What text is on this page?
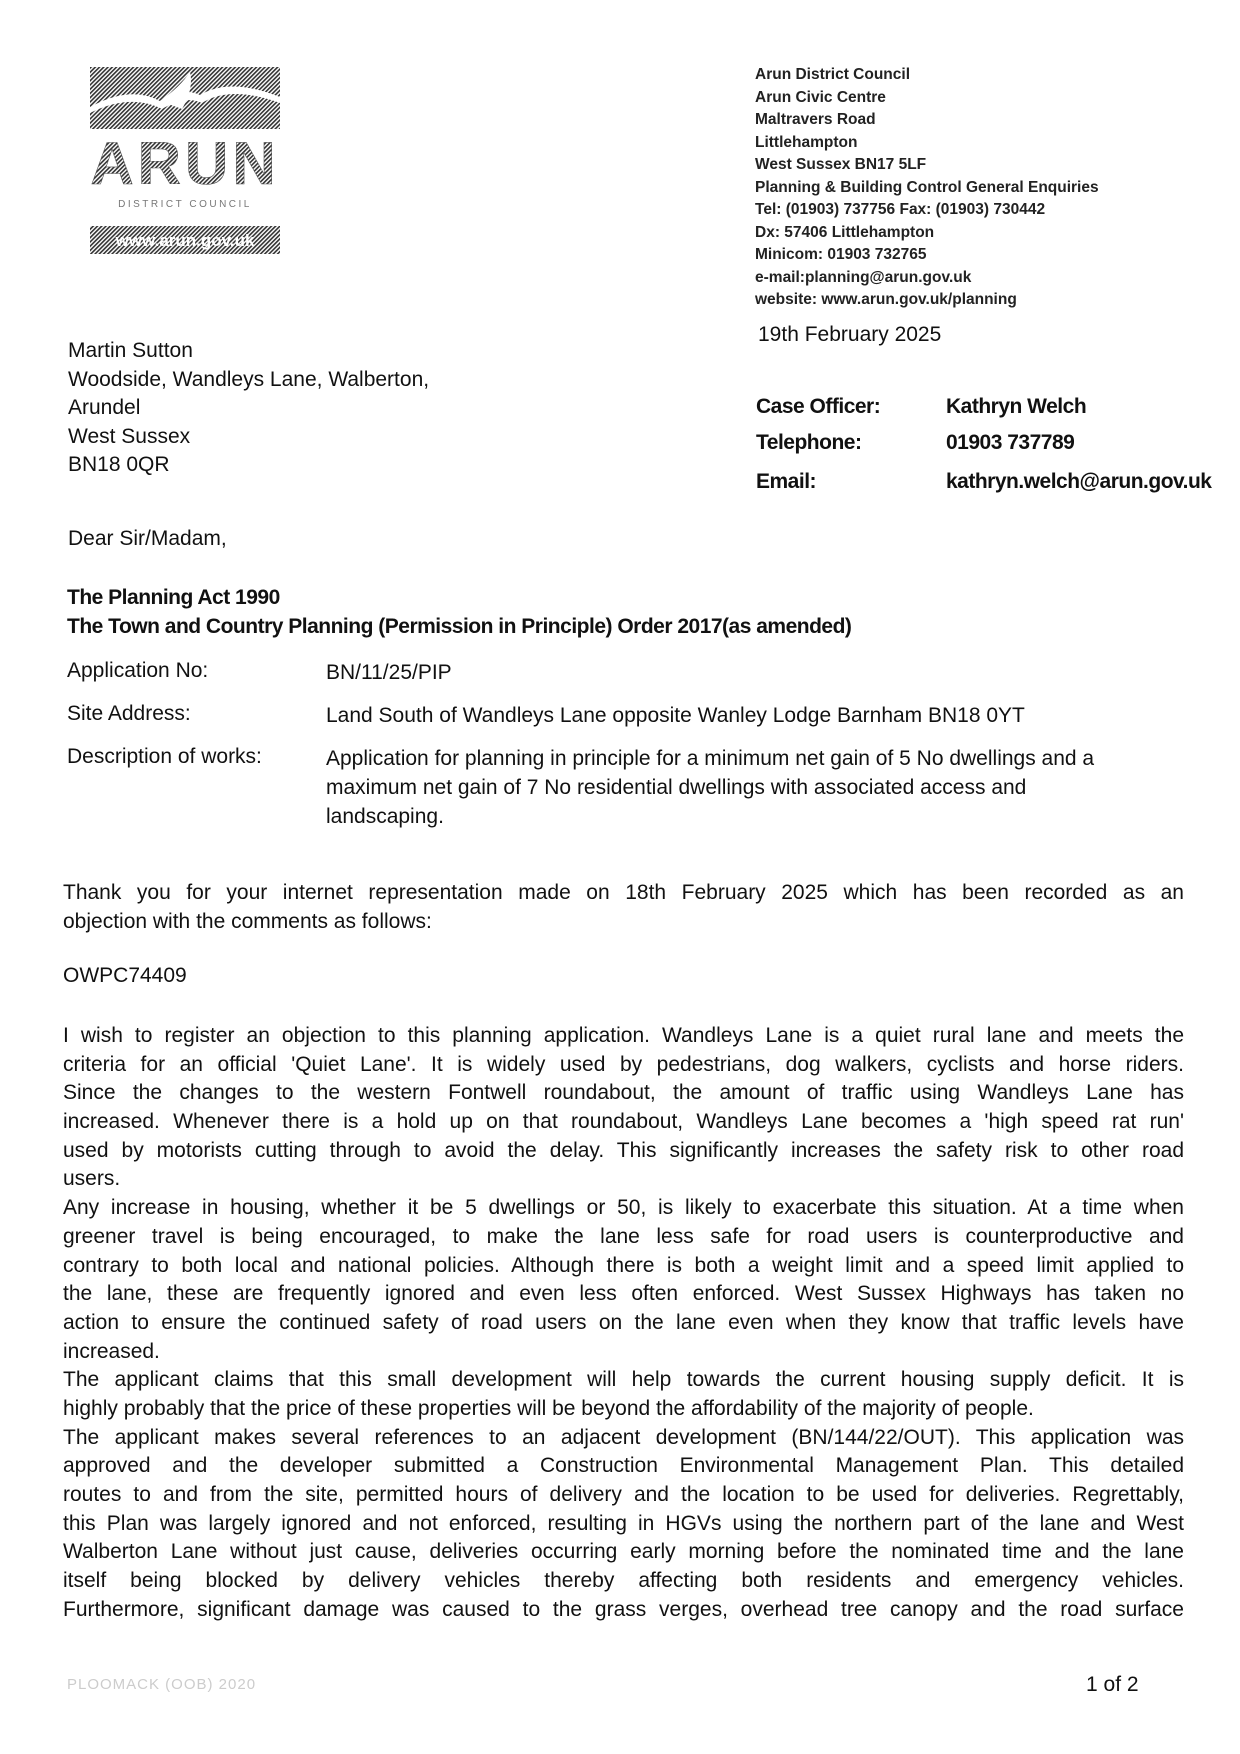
ARUN
DISTRICT COUNCIL
www.arun.gov.uk
Arun District Council
Arun Civic Centre
Maltravers Road
Littlehampton
West Sussex BN17 5LF
Planning & Building Control General Enquiries
Tel: (01903) 737756 Fax: (01903) 730442
Dx: 57406 Littlehampton
Minicom: 01903 732765
e-mail:planning@arun.gov.uk
website: www.arun.gov.uk/planning
19th February 2025
Martin Sutton
Woodside, Wandleys Lane, Walberton,
Arundel
West Sussex
BN18 0QR
Case Officer:	Kathryn Welch
Telephone:	01903 737789
Email:	kathryn.welch@arun.gov.uk
Dear Sir/Madam,
The Planning Act 1990
The Town and Country Planning (Permission in Principle) Order 2017(as amended)
Application No:	BN/11/25/PIP
Site Address:	Land South of Wandleys Lane opposite Wanley Lodge Barnham BN18 0YT
Description of works:	Application for planning in principle for a minimum net gain of 5 No dwellings and a
maximum net gain of 7 No residential dwellings with associated access and
landscaping.
Thank you for your internet representation made on 18th February 2025 which has been recorded as an
objection with the comments as follows:
OWPC74409
I wish to register an objection to this planning application. Wandleys Lane is a quiet rural lane and meets the
criteria for an official 'Quiet Lane'. It is widely used by pedestrians, dog walkers, cyclists and horse riders.
Since the changes to the western Fontwell roundabout, the amount of traffic using Wandleys Lane has
increased. Whenever there is a hold up on that roundabout, Wandleys Lane becomes a 'high speed rat run'
used by motorists cutting through to avoid the delay. This significantly increases the safety risk to other road
users.
Any increase in housing, whether it be 5 dwellings or 50, is likely to exacerbate this situation. At a time when
greener travel is being encouraged, to make the lane less safe for road users is counterproductive and
contrary to both local and national policies. Although there is both a weight limit and a speed limit applied to
the lane, these are frequently ignored and even less often enforced. West Sussex Highways has taken no
action to ensure the continued safety of road users on the lane even when they know that traffic levels have
increased.
The applicant claims that this small development will help towards the current housing supply deficit. It is
highly probably that the price of these properties will be beyond the affordability of the majority of people.
The applicant makes several references to an adjacent development (BN/144/22/OUT). This application was
approved and the developer submitted a Construction Environmental Management Plan. This detailed
routes to and from the site, permitted hours of delivery and the location to be used for deliveries. Regrettably,
this Plan was largely ignored and not enforced, resulting in HGVs using the northern part of the lane and West
Walberton Lane without just cause, deliveries occurring early morning before the nominated time and the lane
itself being blocked by delivery vehicles thereby affecting both residents and emergency vehicles.
Furthermore, significant damage was caused to the grass verges, overhead tree canopy and the road surface
PLOOMACK (OOB) 2020	1 of 2
